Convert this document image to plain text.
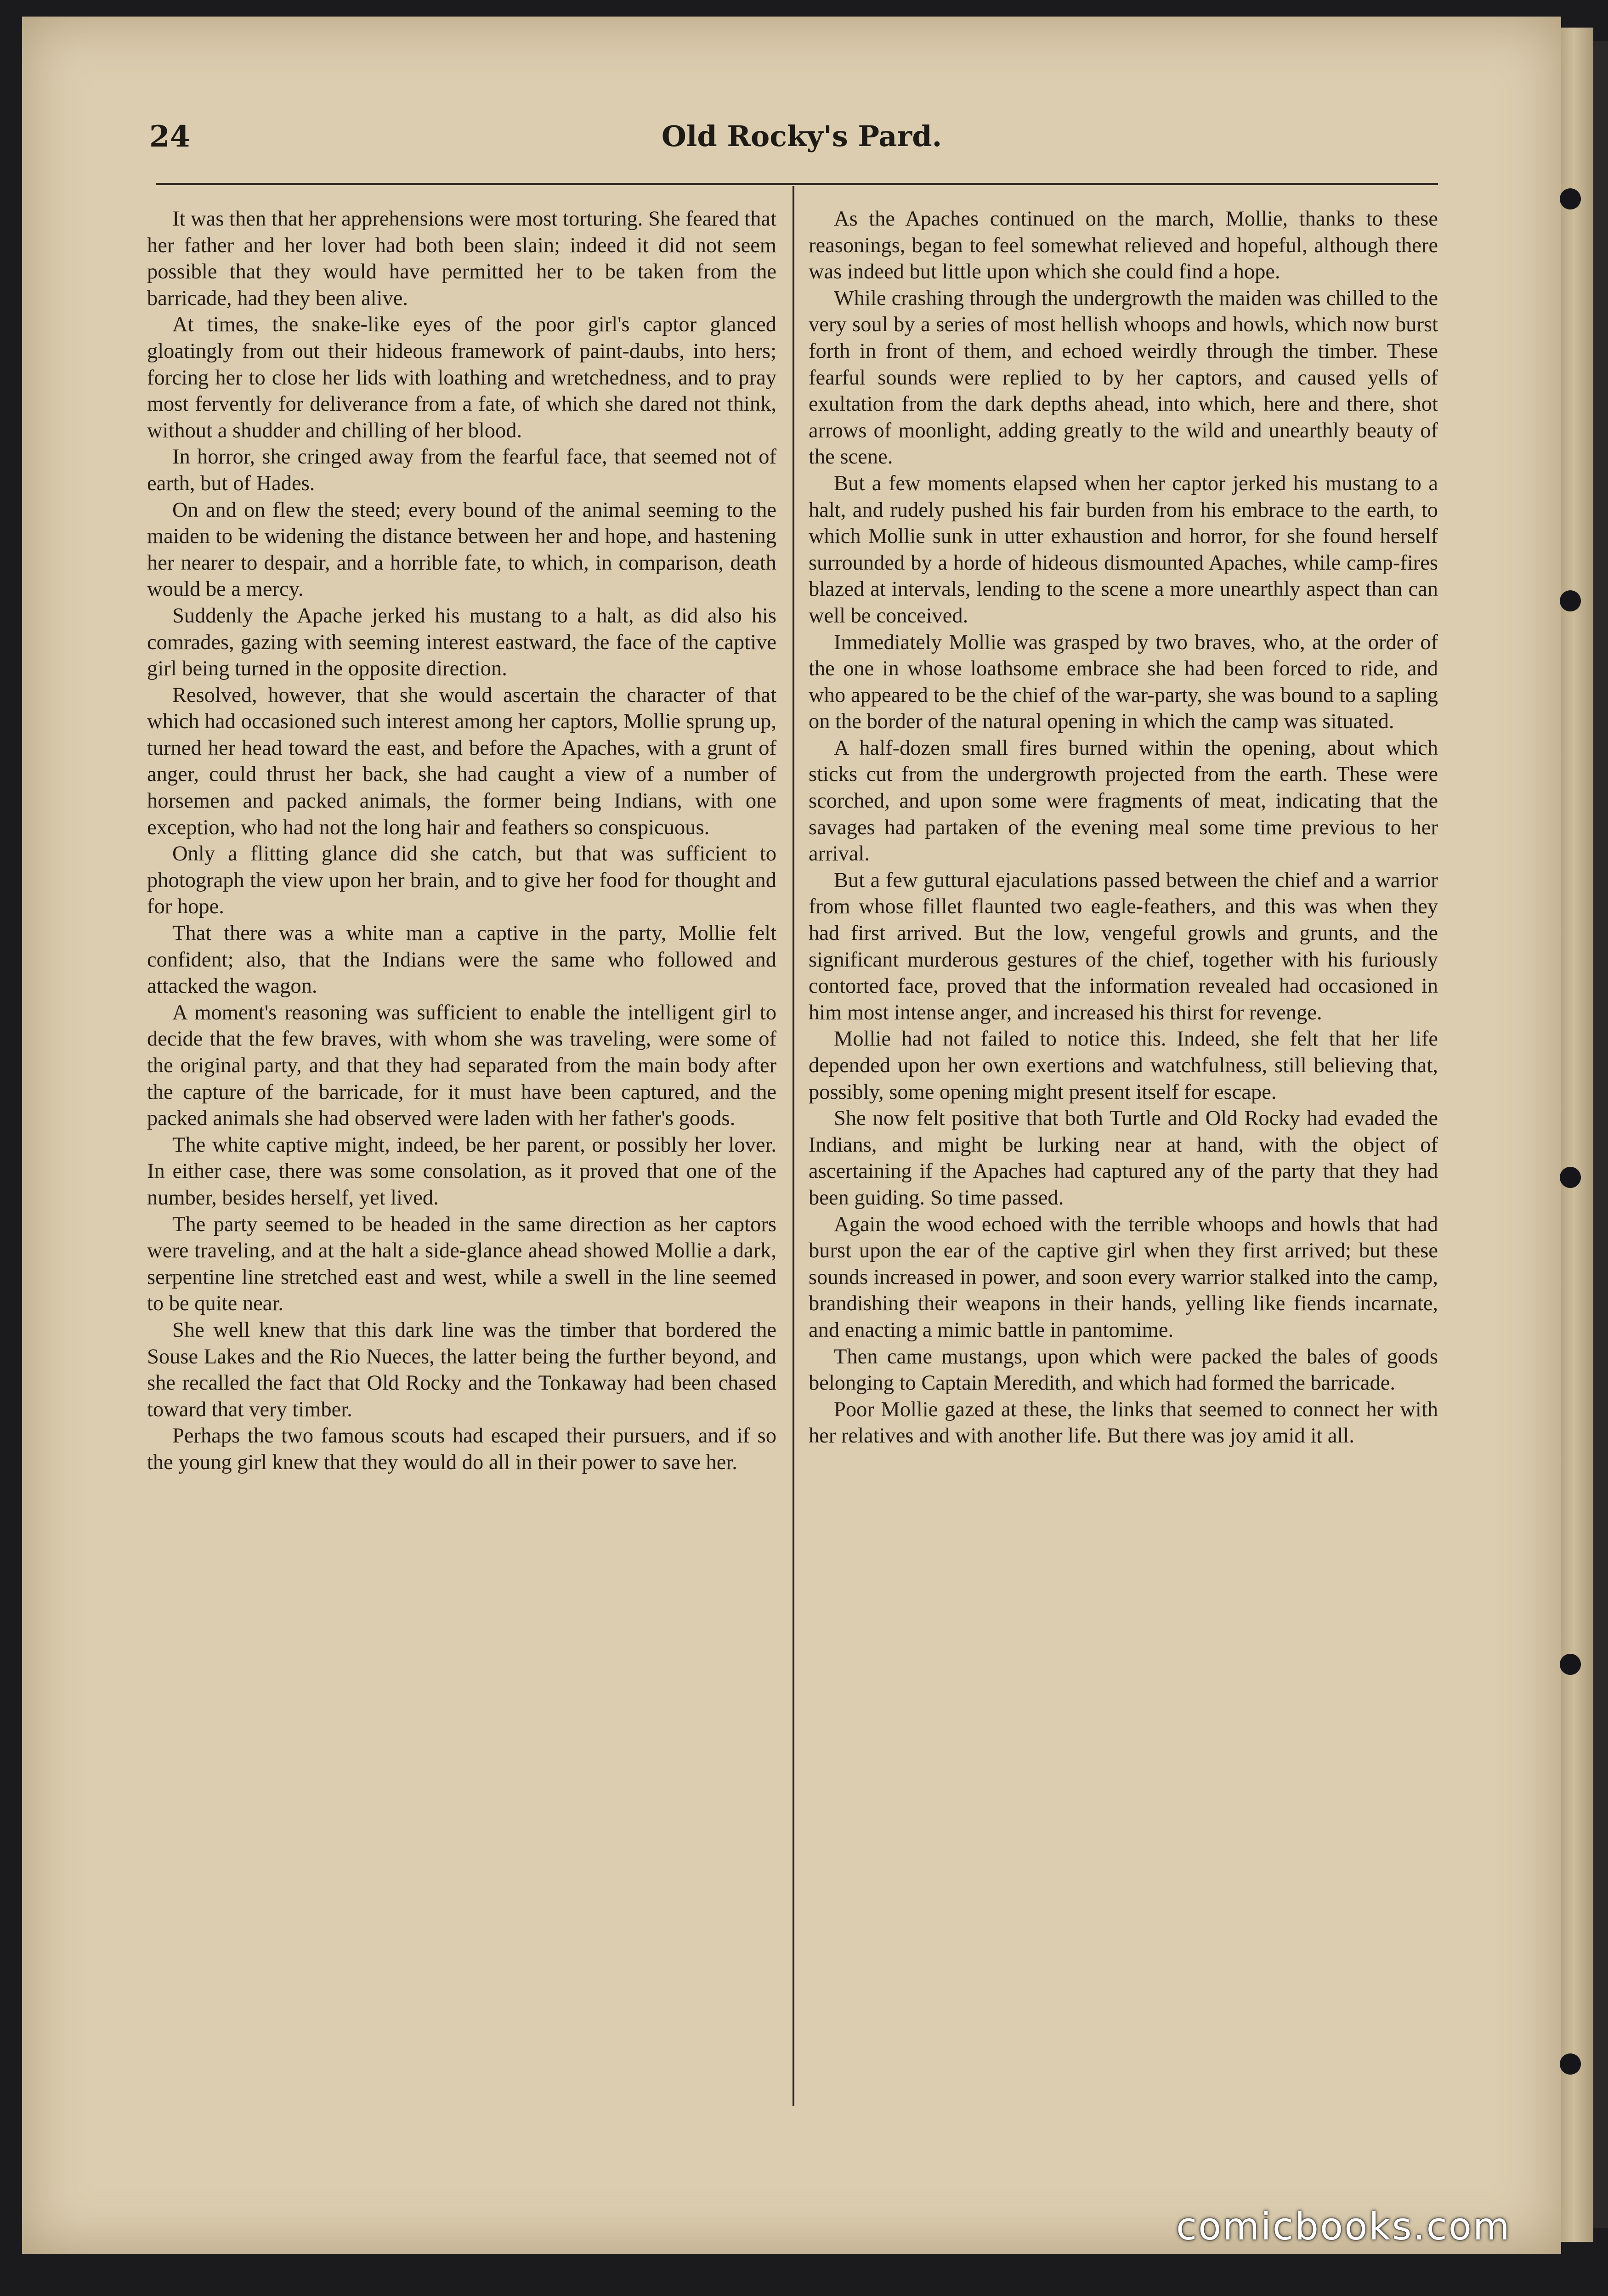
24	Old Rocky's Pard.

It was then that her apprehensions were most torturing. She feared that her father and her lover had both been slain; indeed it did not seem possible that they would have permitted her to be taken from the barricade, had they been alive.

At times, the snake-like eyes of the poor girl's captor glanced gloatingly from out their hideous framework of paint-daubs, into hers; forcing her to close her lids with loathing and wretchedness, and to pray most fervently for deliverance from a fate, of which she dared not think, without a shudder and chilling of her blood.

In horror, she cringed away from the fearful face, that seemed not of earth, but of Hades.

On and on flew the steed; every bound of the animal seeming to the maiden to be widening the distance between her and hope, and hastening her nearer to despair, and a horrible fate, to which, in comparison, death would be a mercy.

Suddenly the Apache jerked his mustang to a halt, as did also his comrades, gazing with seeming interest eastward, the face of the captive girl being turned in the opposite direction.

Resolved, however, that she would ascertain the character of that which had occasioned such interest among her captors, Mollie sprung up, turned her head toward the east, and before the Apaches, with a grunt of anger, could thrust her back, she had caught a view of a number of horsemen and packed animals, the former being Indians, with one exception, who had not the long hair and feathers so conspicuous.

Only a flitting glance did she catch, but that was sufficient to photograph the view upon her brain, and to give her food for thought and for hope.

That there was a white man a captive in the party, Mollie felt confident; also, that the Indians were the same who followed and attacked the wagon.

A moment's reasoning was sufficient to enable the intelligent girl to decide that the few braves, with whom she was traveling, were some of the original party, and that they had separated from the main body after the capture of the barricade, for it must have been captured, and the packed animals she had observed were laden with her father's goods.

The white captive might, indeed, be her parent, or possibly her lover. In either case, there was some consolation, as it proved that one of the number, besides herself, yet lived.

The party seemed to be headed in the same direction as her captors were traveling, and at the halt a side-glance ahead showed Mollie a dark, serpentine line stretched east and west, while a swell in the line seemed to be quite near.

She well knew that this dark line was the timber that bordered the Souse Lakes and the Rio Nueces, the latter being the further beyond, and she recalled the fact that Old Rocky and the Tonkaway had been chased toward that very timber.

Perhaps the two famous scouts had escaped their pursuers, and if so the young girl knew that they would do all in their power to save her.

As the Apaches continued on the march, Mollie, thanks to these reasonings, began to feel somewhat relieved and hopeful, although there was indeed but little upon which she could find a hope.

While crashing through the undergrowth the maiden was chilled to the very soul by a series of most hellish whoops and howls, which now burst forth in front of them, and echoed weirdly through the timber. These fearful sounds were replied to by her captors, and caused yells of exultation from the dark depths ahead, into which, here and there, shot arrows of moonlight, adding greatly to the wild and unearthly beauty of the scene.

But a few moments elapsed when her captor jerked his mustang to a halt, and rudely pushed his fair burden from his embrace to the earth, to which Mollie sunk in utter exhaustion and horror, for she found herself surrounded by a horde of hideous dismounted Apaches, while camp-fires blazed at intervals, lending to the scene a more unearthly aspect than can well be conceived.

Immediately Mollie was grasped by two braves, who, at the order of the one in whose loathsome embrace she had been forced to ride, and who appeared to be the chief of the war-party, she was bound to a sapling on the border of the natural opening in which the camp was situated.

A half-dozen small fires burned within the opening, about which sticks cut from the undergrowth projected from the earth. These were scorched, and upon some were fragments of meat, indicating that the savages had partaken of the evening meal some time previous to her arrival.

But a few guttural ejaculations passed between the chief and a warrior from whose fillet flaunted two eagle-feathers, and this was when they had first arrived. But the low, vengeful growls and grunts, and the significant murderous gestures of the chief, together with his furiously contorted face, proved that the information revealed had occasioned in him most intense anger, and increased his thirst for revenge.

Mollie had not failed to notice this. Indeed, she felt that her life depended upon her own exertions and watchfulness, still believing that, possibly, some opening might present itself for escape.

She now felt positive that both Turtle and Old Rocky had evaded the Indians, and might be lurking near at hand, with the object of ascertaining if the Apaches had captured any of the party that they had been guiding. So time passed.

Again the wood echoed with the terrible whoops and howls that had burst upon the ear of the captive girl when they first arrived; but these sounds increased in power, and soon every warrior stalked into the camp, brandishing their weapons in their hands, yelling like fiends incarnate, and enacting a mimic battle in pantomime.

Then came mustangs, upon which were packed the bales of goods belonging to Captain Meredith, and which had formed the barricade.

Poor Mollie gazed at these, the links that seemed to connect her with her relatives and with another life. But there was joy amid it all.

comicbooks.com
